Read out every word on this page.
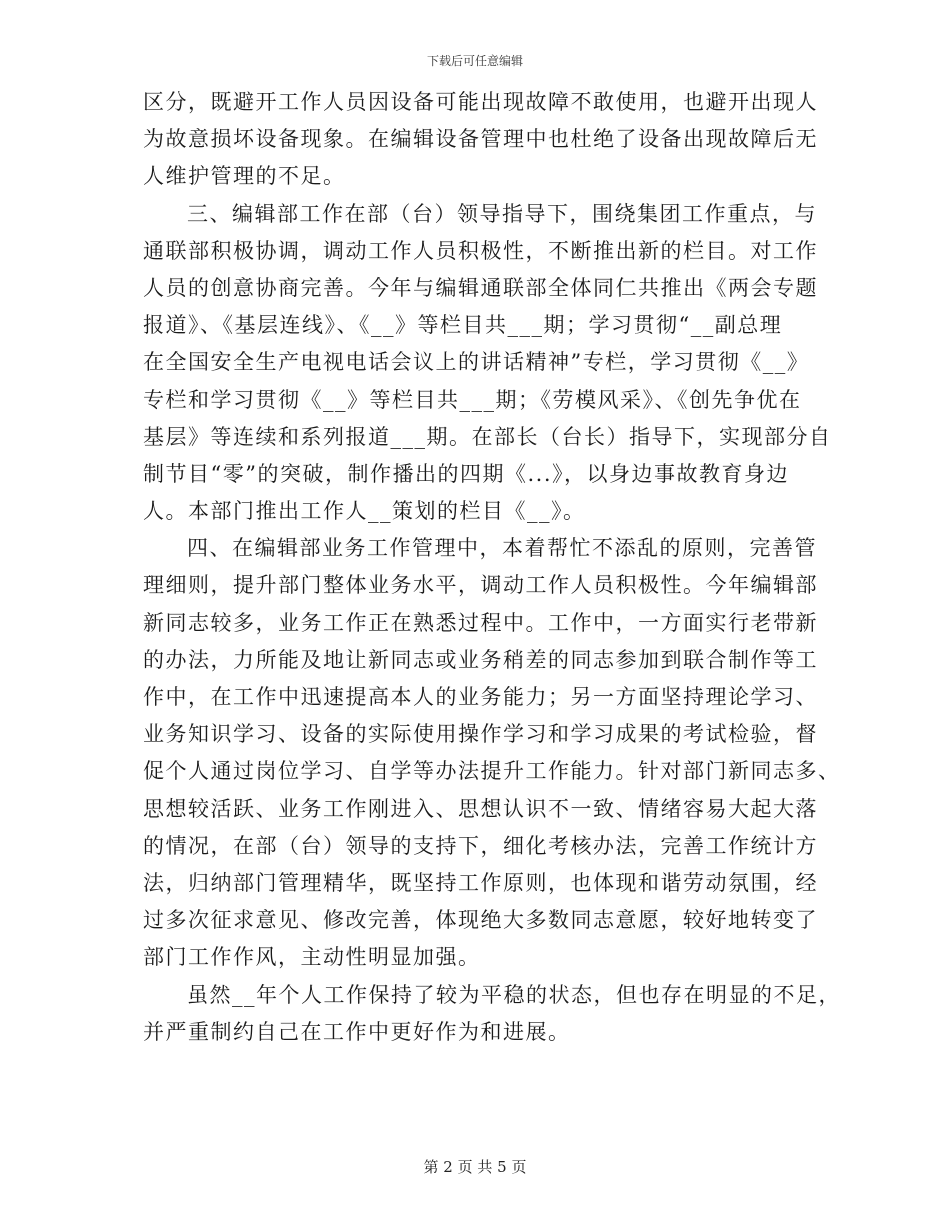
下载后可任意编辑
区分，既避开工作人员因设备可能出现故障不敢使用，也避开出现人
为故意损坏设备现象。在编辑设备管理中也杜绝了设备出现故障后无
人维护管理的不足。
三、编辑部工作在部（台）领导指导下，围绕集团工作重点，与
通联部积极协调，调动工作人员积极性，不断推出新的栏目。对工作
人员的创意协商完善。今年与编辑通联部全体同仁共推出《两会专题
报道》、《基层连线》、《__》等栏目共___期；学习贯彻“__副总理
在全国安全生产电视电话会议上的讲话精神”专栏，学习贯彻《__》
专栏和学习贯彻《__》等栏目共___期；《劳模风采》、《创先争优在
基层》等连续和系列报道___期。在部长（台长）指导下，实现部分自
制节目“零”的突破，制作播出的四期《...》，以身边事故教育身边
人。本部门推出工作人__策划的栏目《__》。
四、在编辑部业务工作管理中，本着帮忙不添乱的原则，完善管
理细则，提升部门整体业务水平，调动工作人员积极性。今年编辑部
新同志较多，业务工作正在熟悉过程中。工作中，一方面实行老带新
的办法，力所能及地让新同志或业务稍差的同志参加到联合制作等工
作中，在工作中迅速提高本人的业务能力；另一方面坚持理论学习、
业务知识学习、设备的实际使用操作学习和学习成果的考试检验，督
促个人通过岗位学习、自学等办法提升工作能力。针对部门新同志多、
思想较活跃、业务工作刚进入、思想认识不一致、情绪容易大起大落
的情况，在部（台）领导的支持下，细化考核办法，完善工作统计方
法，归纳部门管理精华，既坚持工作原则，也体现和谐劳动氛围，经
过多次征求意见、修改完善，体现绝大多数同志意愿，较好地转变了
部门工作作风，主动性明显加强。
虽然__年个人工作保持了较为平稳的状态，但也存在明显的不足，
并严重制约自己在工作中更好作为和进展。
第 2 页 共 5 页
